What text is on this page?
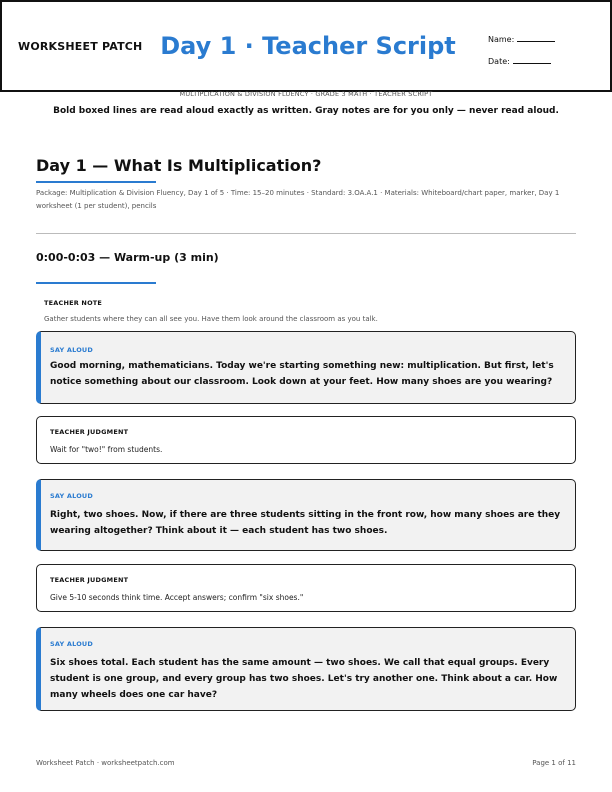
WORKSHEET PATCH Day 1 · Teacher Script	Name:
Date:
MULTIPLICATION & DIVISION FLUENCY · GRADE 3 MATH · TEACHER SCRIPT
Bold boxed lines are read aloud exactly as written. Gray notes are for you only — never read aloud.
Day 1 — What Is Multiplication?
Package: Multiplication & Division Fluency, Day 1 of 5 · Time: 15–20 minutes · Standard: 3.OA.A.1 · Materials: Whiteboard/chart paper, marker, Day 1 worksheet (1 per student), pencils
0:00-0:03 — Warm-up (3 min)
TEACHER NOTE
Gather students where they can all see you. Have them look around the classroom as you talk.
SAY ALOUD
Good morning, mathematicians. Today we're starting something new: multiplication. But first, let's notice something about our classroom. Look down at your feet. How many shoes are you wearing?
TEACHER JUDGMENT
Wait for "two!" from students.
SAY ALOUD
Right, two shoes. Now, if there are three students sitting in the front row, how many shoes are they wearing altogether? Think about it — each student has two shoes.
TEACHER JUDGMENT
Give 5-10 seconds think time. Accept answers; confirm "six shoes."
SAY ALOUD
Six shoes total. Each student has the same amount — two shoes. We call that equal groups. Every student is one group, and every group has two shoes. Let's try another one. Think about a car. How many wheels does one car have?
Worksheet Patch · worksheetpatch.com	Page 1 of 11
